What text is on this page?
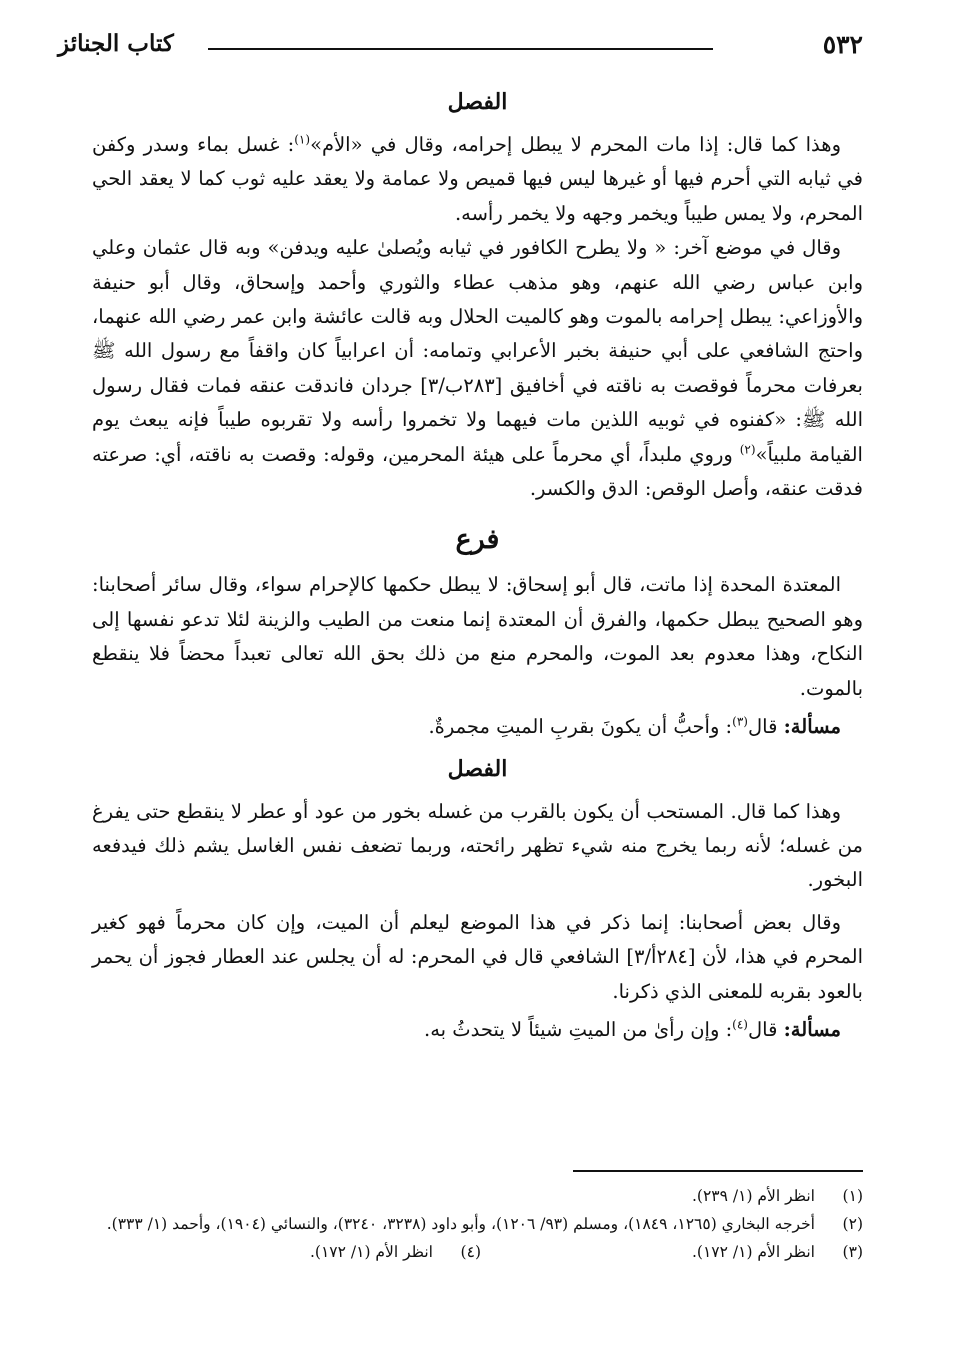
٥٣٢
كتاب الجنائز
الفصل

وهذا كما قال: إذا مات المحرم لا يبطل إحرامه، وقال في «الأم»$^{(١)}$: غسل بماء وسدر وكفن في ثيابه التي أحرم فيها أو غيرها ليس فيها قميص ولا عمامة ولا يعقد عليه ثوب كما لا يعقد الحي المحرم، ولا يمس طيباً ويخمر وجهه ولا يخمر رأسه.

وقال في موضع آخر: « ولا يطرح الكافور في ثيابه ويُصلىٰ عليه ويدفن» وبه قال عثمان وعلي وابن عباس رضي الله عنهم، وهو مذهب عطاء والثوري وأحمد وإسحاق، وقال أبو حنيفة والأوزاعي: يبطل إحرامه بالموت وهو كالميت الحلال وبه قالت عائشة وابن عمر رضي الله عنهما، واحتج الشافعي على أبي حنيفة بخبر الأعرابي وتمامه: أن اعرابياً كان واقفاً مع رسول الله ﷺ بعرفات محرماً فوقصت به ناقته في أخافيق [٢٨٣ب/٣] جردان فاندقت عنقه فمات فقال رسول الله ﷺ: «كفنوه في ثوبيه اللذين مات فيهما ولا تخمروا رأسه ولا تقربوه طيباً فإنه يبعث يوم القيامة ملبياً»$^{(٢)}$ وروي ملبداً، أي محرماً على هيئة المحرمين، وقوله: وقصت به ناقته، أي: صرعته فدقت عنقه، وأصل الوقص: الدق والكسر.

فرع

المعتدة المحدة إذا ماتت، قال أبو إسحاق: لا يبطل حكمها كالإحرام سواء، وقال سائر أصحابنا: وهو الصحيح يبطل حكمها، والفرق أن المعتدة إنما منعت من الطيب والزينة لئلا تدعو نفسها إلى النكاح، وهذا معدوم بعد الموت، والمحرم منع من ذلك بحق الله تعالى تعبداً محضاً فلا ينقطع بالموت.

مسألة: قال$^{(٣)}$: وأحبُّ أن يكونَ بقربِ الميتِ مجمرةٌ.

الفصل

وهذا كما قال. المستحب أن يكون بالقرب من غسله بخور من عود أو عطر لا ينقطع حتى يفرغ من غسله؛ لأنه ربما يخرج منه شيء تظهر رائحته، وربما تضعف نفس الغاسل يشم ذلك فيدفعه البخور.

وقال بعض أصحابنا: إنما ذكر في هذا الموضع ليعلم أن الميت، وإن كان محرماً فهو كغير المحرم في هذا، لأن [٢٨٤أ/٣] الشافعي قال في المحرم: له أن يجلس عند العطار فجوز أن يحمر بالعود بقربه للمعنى الذي ذكرنا.

مسألة: قال$^{(٤)}$: وإن رأىٰ من الميتِ شيئاً لا يتحدثُ به.

(١)
انظر الأم (١/ ٢٣٩).
(٢)
أخرجه البخاري (١٢٦٥، ١٨٤٩)، ومسلم (٩٣/ ١٢٠٦)، وأبو داود (٣٢٣٨، ٣٢٤٠)، والنسائي (١٩٠٤)، وأحمد (١/ ٣٣٣).
(٣)
انظر الأم (١/ ١٧٢).
(٤)
انظر الأم (١/ ١٧٢).
